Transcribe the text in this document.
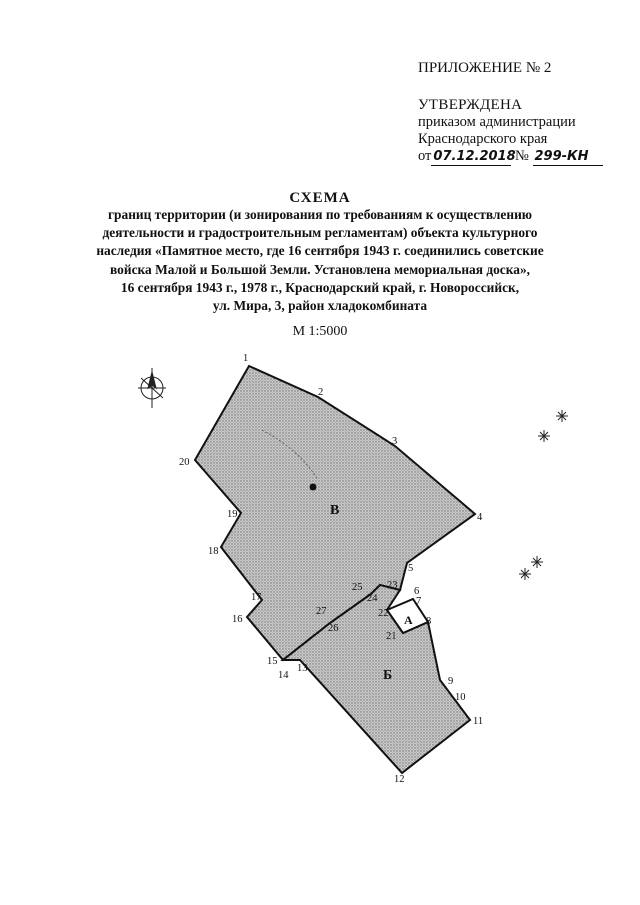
ПРИЛОЖЕНИЕ № 2
УТВЕРЖДЕНА
приказом администрации
Краснодарского края
от 07.12.2018 № 299-КН
СХЕМА
границ территории (и зонирования по требованиям к осуществлению
деятельности и градостроительным регламентам) объекта культурного
наследия «Памятное место, где 16 сентября 1943 г. соединились советские
войска Малой и Большой Земли. Установлена мемориальная доска»,
16 сентября 1943 г., 1978 г., Краснодарский край, г. Новороссийск,
ул. Мира, 3, район хладокомбината
М 1:5000
В
Б
А
1
2
3
4
5
6
7
8
9
10
11
12
13
14
15
16
17
18
19
20
21
22
23
24
25
26
27
